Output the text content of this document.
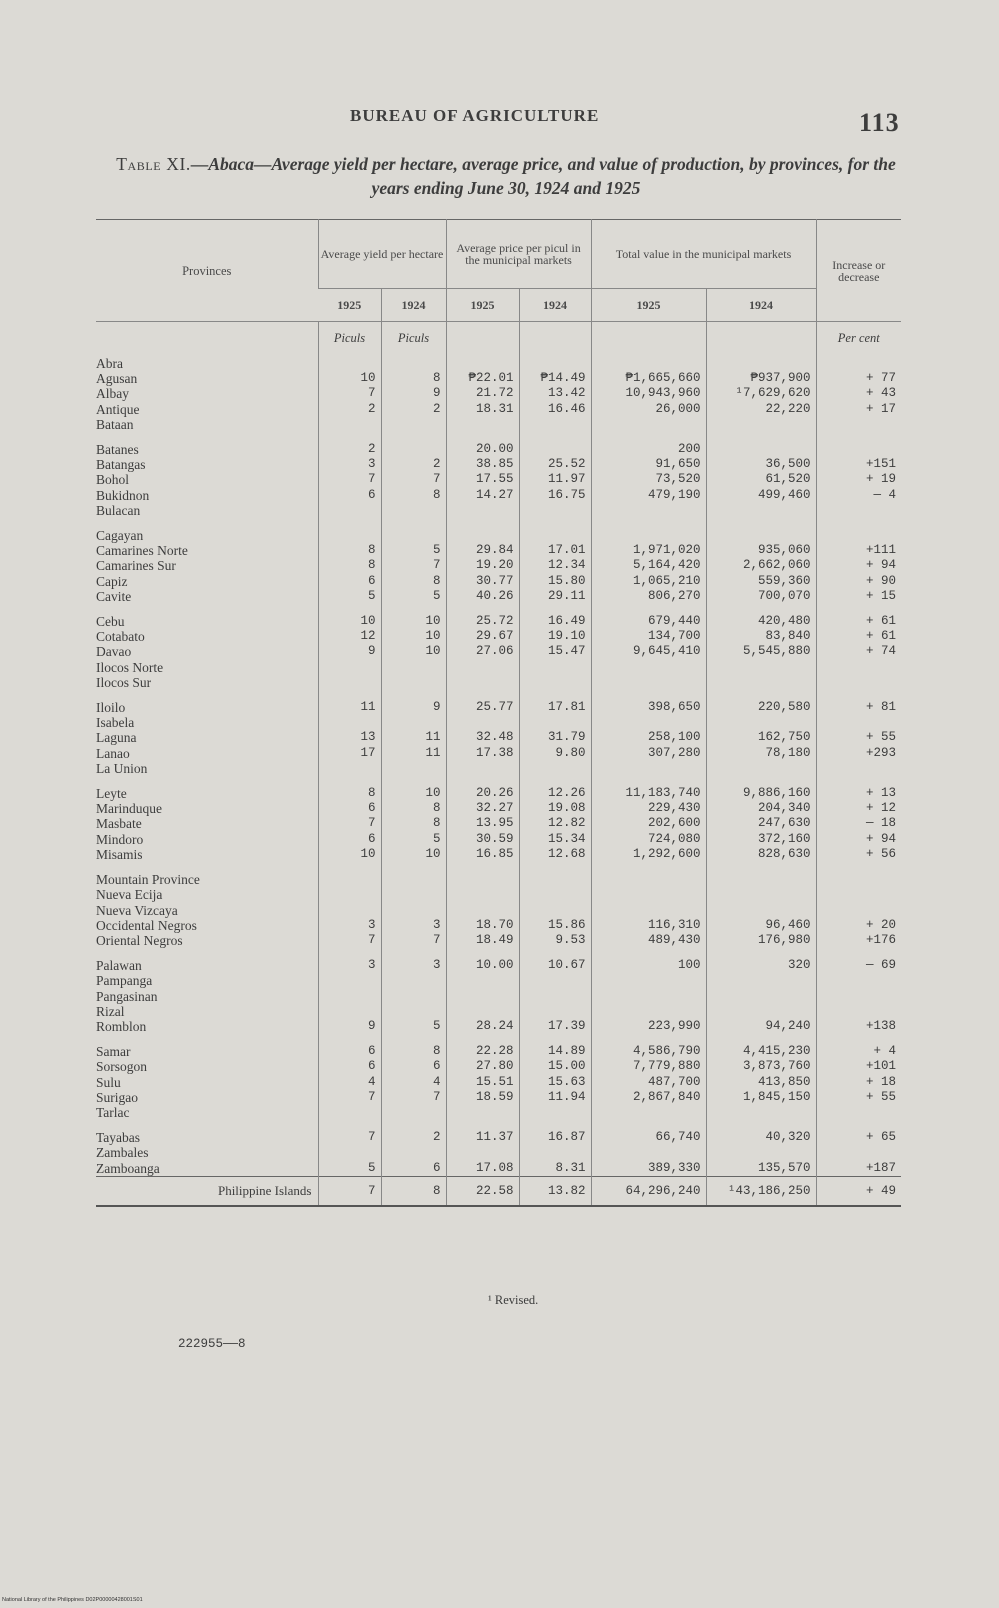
BUREAU OF AGRICULTURE	113
Table XI.—Abaca—Average yield per hectare, average price, and value of production, by provinces, for the years ending June 30, 1924 and 1925
Provinces	Average yield per hectare		Average price per picul in the municipal markets		Total value in the municipal markets		Increase or decrease
	1925	1924	1925	1924	1925	1924	
	Piculs	Piculs					Per cent
Abra							
Agusan	10	8	₱22.01	₱14.49	₱1,665,660	₱937,900	+ 77
Albay	7	9	21.72	13.42	10,943,960	¹7,629,620	+ 43
Antique	2	2	18.31	16.46	26,000	22,220	+ 17
Bataan							

Batanes	2		20.00		200		
Batangas	3	2	38.85	25.52	91,650	36,500	+151
Bohol	7	7	17.55	11.97	73,520	61,520	+ 19
Bukidnon	6	8	14.27	16.75	479,190	499,460	— 4
Bulacan							

Cagayan							
Camarines Norte	8	5	29.84	17.01	1,971,020	935,060	+111
Camarines Sur	8	7	19.20	12.34	5,164,420	2,662,060	+ 94
Capiz	6	8	30.77	15.80	1,065,210	559,360	+ 90
Cavite	5	5	40.26	29.11	806,270	700,070	+ 15

Cebu	10	10	25.72	16.49	679,440	420,480	+ 61
Cotabato	12	10	29.67	19.10	134,700	83,840	+ 61
Davao	9	10	27.06	15.47	9,645,410	5,545,880	+ 74
Ilocos Norte							
Ilocos Sur							

Iloilo	11	9	25.77	17.81	398,650	220,580	+ 81
Isabela							
Laguna	13	11	32.48	31.79	258,100	162,750	+ 55
Lanao	17	11	17.38	9.80	307,280	78,180	+293
La Union							

Leyte	8	10	20.26	12.26	11,183,740	9,886,160	+ 13
Marinduque	6	8	32.27	19.08	229,430	204,340	+ 12
Masbate	7	8	13.95	12.82	202,600	247,630	— 18
Mindoro	6	5	30.59	15.34	724,080	372,160	+ 94
Misamis	10	10	16.85	12.68	1,292,600	828,630	+ 56

Mountain Province							
Nueva Ecija							
Nueva Vizcaya							
Occidental Negros	3	3	18.70	15.86	116,310	96,460	+ 20
Oriental Negros	7	7	18.49	9.53	489,430	176,980	+176

Palawan	3	3	10.00	10.67	100	320	— 69
Pampanga							
Pangasinan							
Rizal							
Romblon	9	5	28.24	17.39	223,990	94,240	+138

Samar	6	8	22.28	14.89	4,586,790	4,415,230	+ 4
Sorsogon	6	6	27.80	15.00	7,779,880	3,873,760	+101
Sulu	4	4	15.51	15.63	487,700	413,850	+ 18
Surigao	7	7	18.59	11.94	2,867,840	1,845,150	+ 55
Tarlac							

Tayabas	7	2	11.37	16.87	66,740	40,320	+ 65
Zambales							
Zamboanga	5	6	17.08	8.31	389,330	135,570	+187
Philippine Islands	7	8	22.58	13.82	64,296,240	¹43,186,250	+ 49
¹ Revised.
222955——8
National Library of the Philippines D02P00000428001S01
